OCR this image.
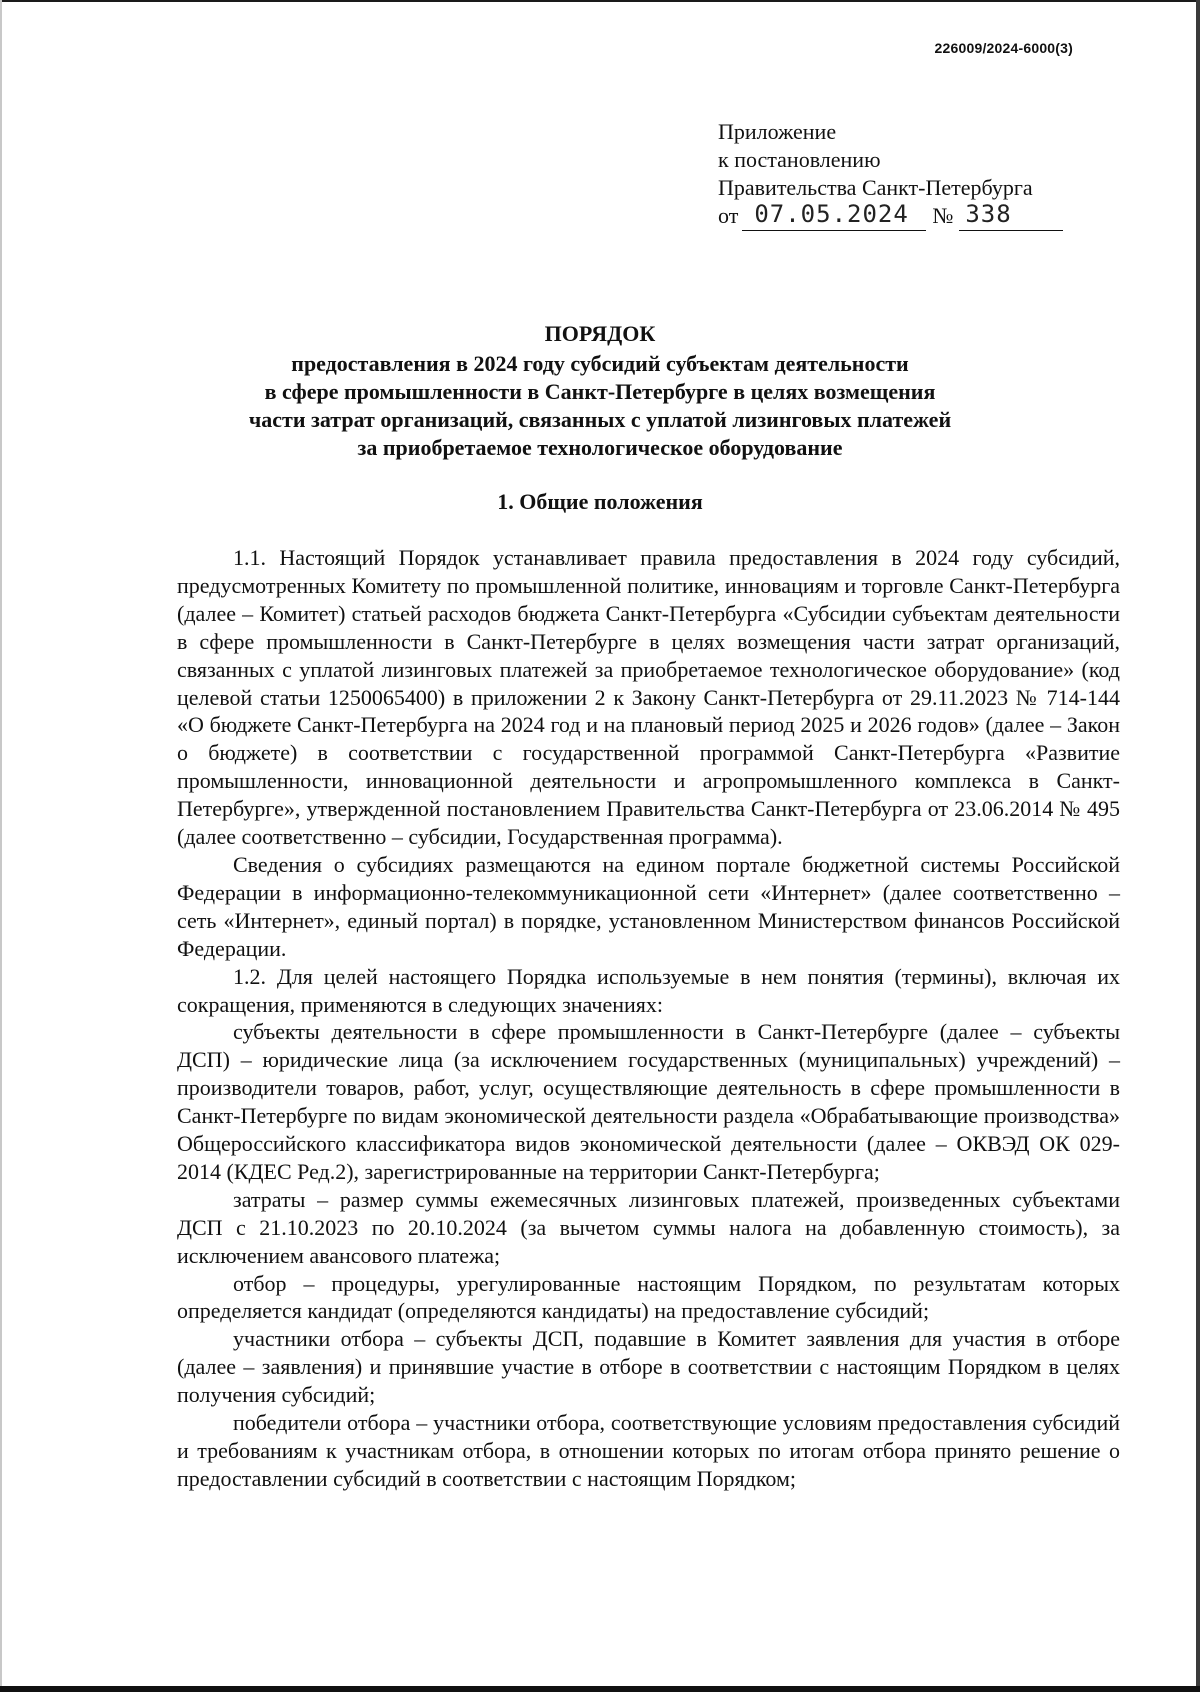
226009/2024-6000(3)
Приложение
к постановлению
Правительства Санкт-Петербурга
от 07.05.2024 № 338
ПОРЯДОК
предоставления в 2024 году субсидий субъектам деятельности
в сфере промышленности в Санкт-Петербурге в целях возмещения
части затрат организаций, связанных с уплатой лизинговых платежей
за приобретаемое технологическое оборудование
1. Общие положения

1.1. Настоящий Порядок устанавливает правила предоставления в 2024 году субсидий, предусмотренных Комитету по промышленной политике, инновациям и торговле Санкт-Петербурга (далее – Комитет) статьей расходов бюджета Санкт-Петербурга «Субсидии субъектам деятельности в сфере промышленности в Санкт-Петербурге в целях возмещения части затрат организаций, связанных с уплатой лизинговых платежей за приобретаемое технологическое оборудование» (код целевой статьи 1250065400) в приложении 2 к Закону Санкт-Петербурга от 29.11.2023 № 714-144 «О бюджете Санкт-Петербурга на 2024 год и на плановый период 2025 и 2026 годов» (далее – Закон о бюджете) в соответствии с государственной программой Санкт-Петербурга «Развитие промышленности, инновационной деятельности и агропромышленного комплекса в Санкт-Петербурге», утвержденной постановлением Правительства Санкт-Петербурга от 23.06.2014 № 495 (далее соответственно – субсидии, Государственная программа).

Сведения о субсидиях размещаются на едином портале бюджетной системы Российской Федерации в информационно-телекоммуникационной сети «Интернет» (далее соответственно – сеть «Интернет», единый портал) в порядке, установленном Министерством финансов Российской Федерации.

1.2. Для целей настоящего Порядка используемые в нем понятия (термины), включая их сокращения, применяются в следующих значениях:

субъекты деятельности в сфере промышленности в Санкт-Петербурге (далее – субъекты ДСП) – юридические лица (за исключением государственных (муниципальных) учреждений) – производители товаров, работ, услуг, осуществляющие деятельность в сфере промышленности в Санкт-Петербурге по видам экономической деятельности раздела «Обрабатывающие производства» Общероссийского классификатора видов экономической деятельности (далее – ОКВЭД ОК 029-2014 (КДЕС Ред.2), зарегистрированные на территории Санкт-Петербурга;

затраты – размер суммы ежемесячных лизинговых платежей, произведенных субъектами ДСП с 21.10.2023 по 20.10.2024 (за вычетом суммы налога на добавленную стоимость), за исключением авансового платежа;

отбор – процедуры, урегулированные настоящим Порядком, по результатам которых определяется кандидат (определяются кандидаты) на предоставление субсидий;

участники отбора – субъекты ДСП, подавшие в Комитет заявления для участия в отборе (далее – заявления) и принявшие участие в отборе в соответствии с настоящим Порядком в целях получения субсидий;

победители отбора – участники отбора, соответствующие условиям предоставления субсидий и требованиям к участникам отбора, в отношении которых по итогам отбора принято решение о предоставлении субсидий в соответствии с настоящим Порядком;
